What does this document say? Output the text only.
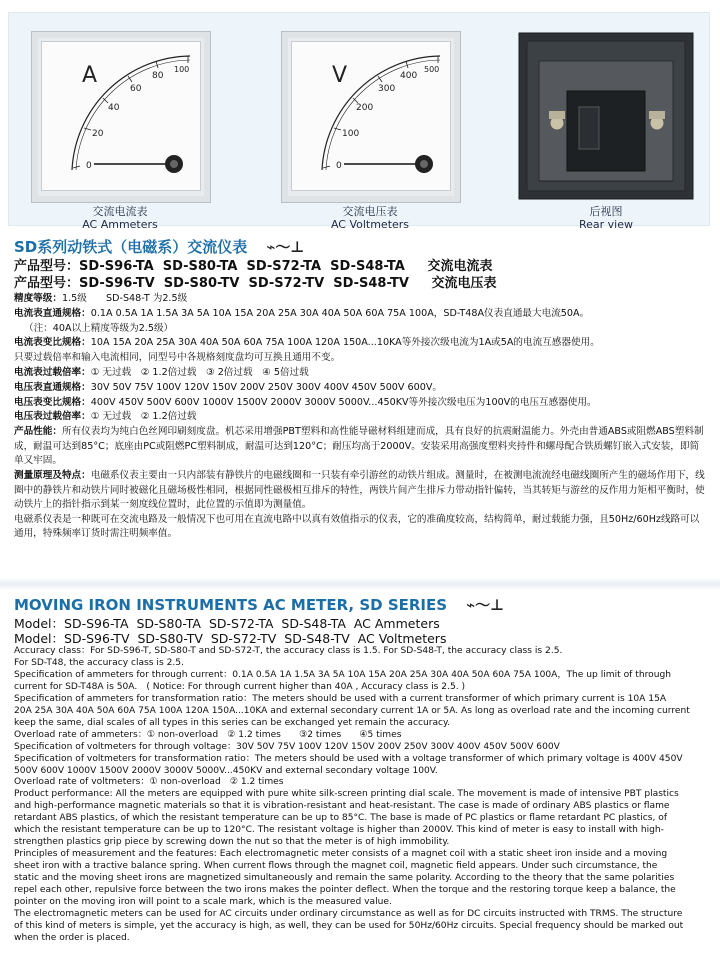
0
20
40
60
80
100
A
交流电流表
AC Ammeters
0
100
200
300
400
500
V
交流电压表
AC Voltmeters
后视图
Rear view
SD系列动铁式（电磁系）交流仪表 ⌁～⊥
产品型号：SD-S96-TA SD-S80-TA SD-S72-TA SD-S48-TA 交流电流表
产品型号：SD-S96-TV SD-S80-TV SD-S72-TV SD-S48-TV 交流电压表
精度等级：1.5级　　SD-S48-T 为2.5级
电流表直通规格：0.1A 0.5A 1A 1.5A 3A 5A 10A 15A 20A 25A 30A 40A 50A 60A 75A 100A，SD-T48A仪表直通最大电流50A。
（注：40A以上精度等级为2.5级）
电流表变比规格：10A 15A 20A 25A 30A 40A 50A 60A 75A 100A 120A 150A...10KA等外接次级电流为1A或5A的电流互感器使用。
只要过载倍率和输入电流相同，同型号中各规格刻度盘均可互换且通用不变。
电流表过载倍率：① 无过载　② 1.2倍过载　③ 2倍过载　④ 5倍过载
电压表直通规格：30V 50V 75V 100V 120V 150V 200V 250V 300V 400V 450V 500V 600V。
电压表变比规格：400V 450V 500V 600V 1000V 1500V 2000V 3000V 5000V...450KV等外接次级电压为100V的电压互感器使用。
电压表过载倍率：① 无过载　② 1.2倍过载
产品性能：所有仪表均为纯白色丝网印刷刻度盘。机芯采用增强PBT塑料和高性能导磁材料组建而成，具有良好的抗震耐温能力。外壳由普通ABS或阻燃ABS塑料制成，耐温可达到85°C；底座由PC或阻燃PC塑料制成，耐温可达到120°C；耐压均高于2000V。安装采用高强度塑料夹持件和螺母配合铁质螺钉嵌入式安装，即简单又牢固。
测量原理及特点：电磁系仪表主要由一只内部装有静铁片的电磁线圈和一只装有牵引游丝的动铁片组成。测量时，在被测电流流经电磁线圈所产生的磁场作用下，线圈中的静铁片和动铁片同时被磁化且磁场极性相同，根据同性磁极相互排斥的特性，两铁片间产生排斥力带动指针偏转，当其转矩与游丝的反作用力矩相平衡时，使动铁片上的指针指示到某一刻度线位置时，此位置的示值即为测量值。
电磁系仪表是一种既可在交流电路及一般情况下也可用在直流电路中以真有效值指示的仪表，它的准确度较高，结构简单，耐过载能力强，且50Hz/60Hz线路可以通用，特殊频率订货时需注明频率值。
MOVING IRON INSTRUMENTS AC METER, SD SERIES ⌁～⊥
Model：SD-S96-TA SD-S80-TA SD-S72-TA SD-S48-TA AC Ammeters
Model：SD-S96-TV SD-S80-TV SD-S72-TV SD-S48-TV AC Voltmeters
Accuracy class：For SD-S96-T, SD-S80-T and SD-S72-T, the accuracy class is 1.5. For SD-S48-T, the accuracy class is 2.5.
For SD-T48, the accuracy class is 2.5.
Specification of ammeters for through current：0.1A 0.5A 1A 1.5A 3A 5A 10A 15A 20A 25A 30A 40A 50A 60A 75A 100A，The up limit of through
current for SD-T48A is 50A.　( Notice: For through current higher than 40A , Accuracy class is 2.5. )
Specification of ammeters for transformation ratio：The meters should be used with a current transformer of which primary current is 10A 15A
20A 25A 30A 40A 50A 60A 75A 100A 120A 150A...10KA and external secondary current 1A or 5A. As long as overload rate and the incoming current
keep the same, dial scales of all types in this series can be exchanged yet remain the accuracy.
Overload rate of ammeters：① non-overload　② 1.2 times　　③2 times　　④5 times
Specification of voltmeters for through voltage：30V 50V 75V 100V 120V 150V 200V 250V 300V 400V 450V 500V 600V
Specification of voltmeters for transformation ratio：The meters should be used with a voltage transformer of which primary voltage is 400V 450V
500V 600V 1000V 1500V 2000V 3000V 5000V...450KV and external secondary voltage 100V.
Overload rate of voltmeters：① non-overload　② 1.2 times
Product performance: All the meters are equipped with pure white silk-screen printing dial scale. The movement is made of intensive PBT plastics
and high-performance magnetic materials so that it is vibration-resistant and heat-resistant. The case is made of ordinary ABS plastics or flame
retardant ABS plastics, of which the resistant temperature can be up to 85°C. The base is made of PC plastics or flame retardant PC plastics, of
which the resistant temperature can be up to 120°C. The resistant voltage is higher than 2000V. This kind of meter is easy to install with high-
strengthen plastics grip piece by screwing down the nut so that the meter is of high immobility.
Principles of measurement and the features: Each electromagnetic meter consists of a magnet coil with a static sheet iron inside and a moving
sheet iron with a tractive balance spring. When current flows through the magnet coil, magnetic field appears. Under such circumstance, the
static and the moving sheet irons are magnetized simultaneously and remain the same polarity. According to the theory that the same polarities
repel each other, repulsive force between the two irons makes the pointer deflect. When the torque and the restoring torque keep a balance, the
pointer on the moving iron will point to a scale mark, which is the measured value.
The electromagnetic meters can be used for AC circuits under ordinary circumstance as well as for DC circuits instructed with TRMS. The structure
of this kind of meters is simple, yet the accuracy is high, as well, they can be used for 50Hz/60Hz circuits. Special frequency should be marked out
when the order is placed.
